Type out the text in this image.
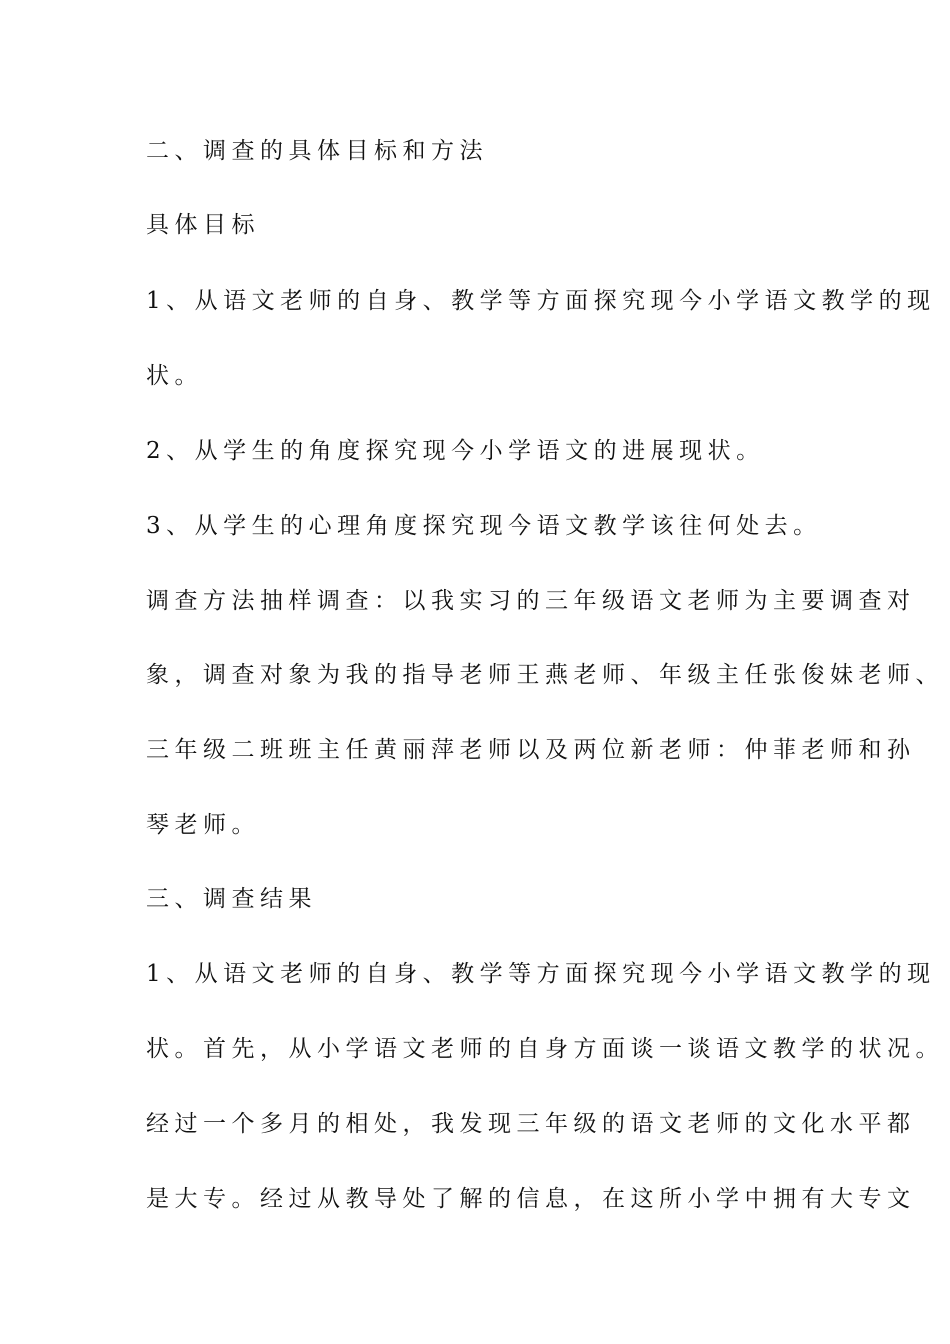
二、调查的具体目标和方法
具体目标
1、从语文老师的自身、教学等方面探究现今小学语文教学的现
状。
2、从学生的角度探究现今小学语文的进展现状。
3、从学生的心理角度探究现今语文教学该往何处去。
调查方法抽样调查：以我实习的三年级语文老师为主要调查对
象，调查对象为我的指导老师王燕老师、年级主任张俊妹老师、
三年级二班班主任黄丽萍老师以及两位新老师：仲菲老师和孙
琴老师。
三、调查结果
1、从语文老师的自身、教学等方面探究现今小学语文教学的现
状。首先，从小学语文老师的自身方面谈一谈语文教学的状况。
经过一个多月的相处，我发现三年级的语文老师的文化水平都
是大专。经过从教导处了解的信息，在这所小学中拥有大专文
